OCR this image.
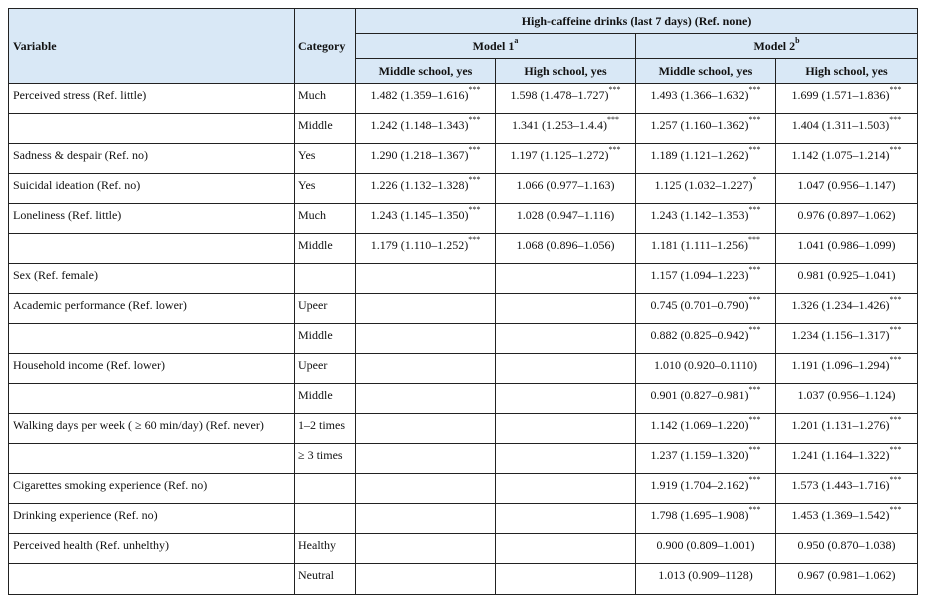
Variable	Category	High-caffeine drinks (last 7 days) (Ref. none)			
		Model 1$^a$		Model 2$^b$
		Middle school, yes	High school, yes	Middle school, yes	High school, yes
Perceived stress (Ref. little)	Much	1.482 (1.359–1.616)***	1.598 (1.478–1.727)***	1.493 (1.366–1.632)***	1.699 (1.571–1.836)***
	Middle	1.242 (1.148–1.343)***	1.341 (1.253–1.4.4)***	1.257 (1.160–1.362)***	1.404 (1.311–1.503)***
Sadness & despair (Ref. no)	Yes	1.290 (1.218–1.367)***	1.197 (1.125–1.272)***	1.189 (1.121–1.262)***	1.142 (1.075–1.214)***
Suicidal ideation (Ref. no)	Yes	1.226 (1.132–1.328)***	1.066 (0.977–1.163)	1.125 (1.032–1.227)*	1.047 (0.956–1.147)
Loneliness (Ref. little)	Much	1.243 (1.145–1.350)***	1.028 (0.947–1.116)	1.243 (1.142–1.353)***	0.976 (0.897–1.062)
	Middle	1.179 (1.110–1.252)***	1.068 (0.896–1.056)	1.181 (1.111–1.256)***	1.041 (0.986–1.099)
Sex (Ref. female)				1.157 (1.094–1.223)***	0.981 (0.925–1.041)
Academic performance (Ref. lower)	Upeer			0.745 (0.701–0.790)***	1.326 (1.234–1.426)***
	Middle			0.882 (0.825–0.942)***	1.234 (1.156–1.317)***
Household income (Ref. lower)	Upeer			1.010 (0.920–0.1110)	1.191 (1.096–1.294)***
	Middle			0.901 (0.827–0.981)***	1.037 (0.956–1.124)
Walking days per week ( ≥ 60 min/day) (Ref. never)	1–2 times			1.142 (1.069–1.220)***	1.201 (1.131–1.276)***
	≥ 3 times			1.237 (1.159–1.320)***	1.241 (1.164–1.322)***
Cigarettes smoking experience (Ref. no)				1.919 (1.704–2.162)***	1.573 (1.443–1.716)***
Drinking experience (Ref. no)				1.798 (1.695–1.908)***	1.453 (1.369–1.542)***
Perceived health (Ref. unhelthy)	Healthy			0.900 (0.809–1.001)	0.950 (0.870–1.038)
	Neutral			1.013 (0.909–1128)	0.967 (0.981–1.062)
